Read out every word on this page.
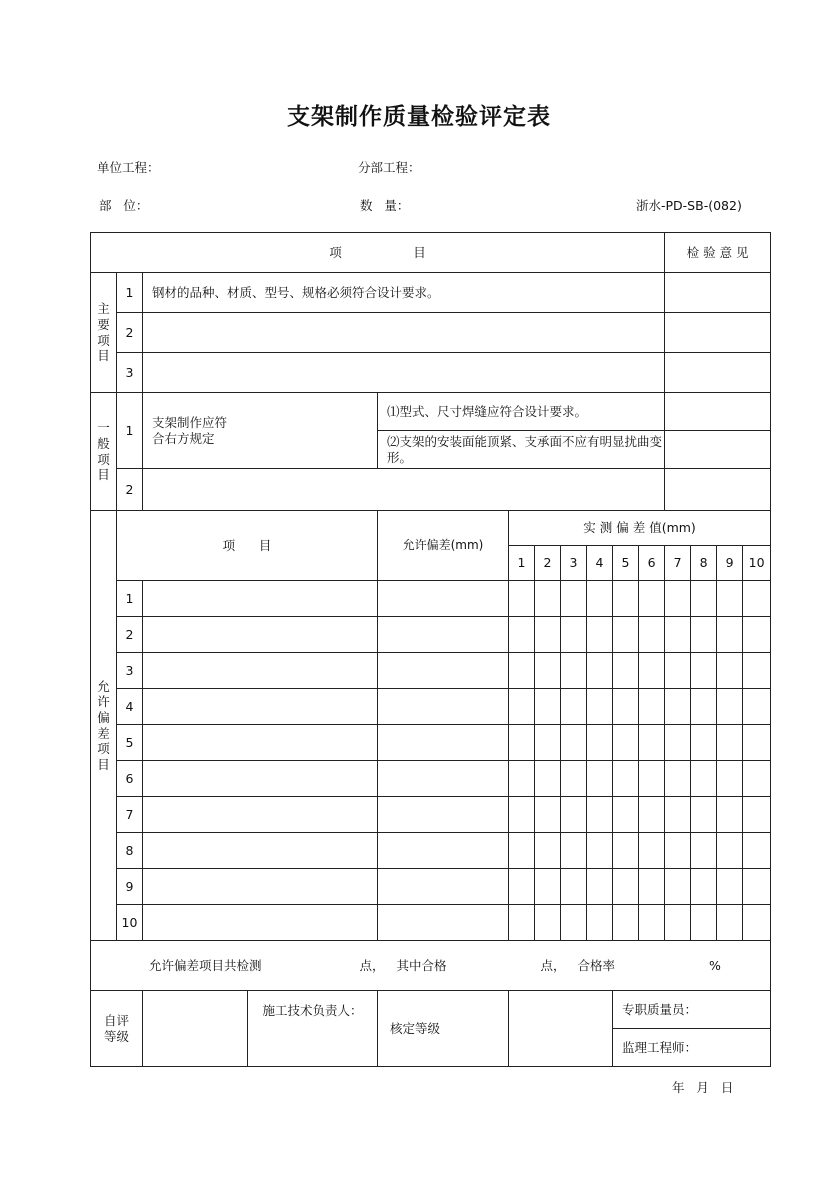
支架制作质量检验评定表
单位工程：	分部工程：
部   位：	数   量：	浙水-PD-SB-(082)
项                  目											检 验 意 见			
主要项目	1	钢材的品种、材质、型号、规格必须符合设计要求。												
	2													
	3													
一般项目	1	支架制作应符合右方规定		⑴型式、尺寸焊缝应符合设计要求。										
				⑵支架的安装面能顶紧、支承面不应有明显扰曲变形。										
	2													
允许偏差项目	项      目			允许偏差(mm)	实 测 偏 差 值(mm)									
					1	2	3	4	5	6	7	8	9	10
	1													
	2													
	3													
	4													
	5													
	6													
	7													
	8													
	9													
	10													
允许偏差项目共检测 点， 其中合格 点， 合格率 %														
自评等级			施工技术负责人：	核定等级					专职质量员：					
									监理工程师：					
年   月   日
